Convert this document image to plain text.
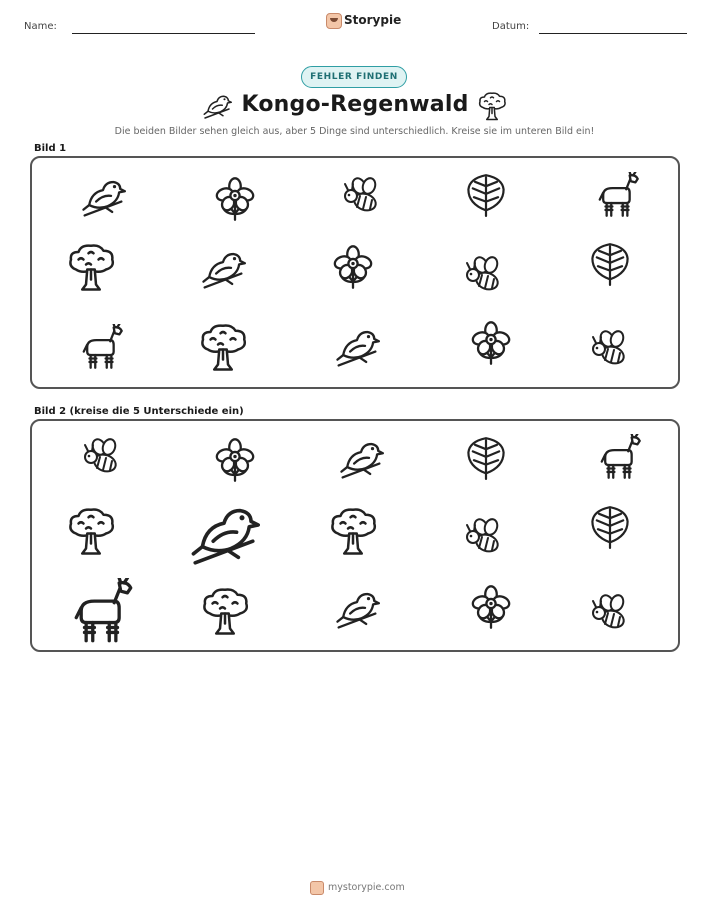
Name:	Storypie	Datum:
FEHLER FINDEN
Kongo-Regenwald
Die beiden Bilder sehen gleich aus, aber 5 Dinge sind unterschiedlich. Kreise sie im unteren Bild ein!
Bild 1
Bild 2 (kreise die 5 Unterschiede ein)
mystorypie.com
